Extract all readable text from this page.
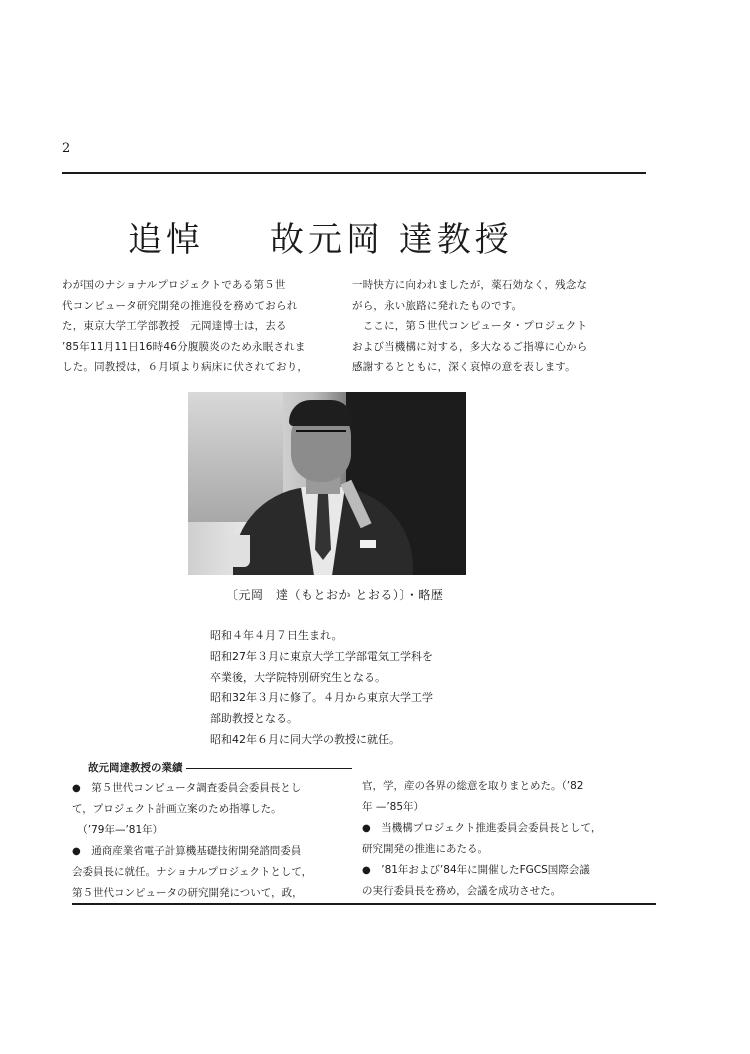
2
追悼 故元岡 達教授

わが国のナショナルプロジェクトである第５世

代コンピュータ研究開発の推進役を務めておられ

た，東京大学工学部教授　元岡達博士は，去る

’85年11月11日16時46分腹膜炎のため永眠されま

した。同教授は，６月頃より病床に伏されており，

一時快方に向われましたが，薬石効なく，残念な

がら，永い旅路に発れたものです。

　ここに，第５世代コンピュータ・プロジェクト

および当機構に対する，多大なるご指導に心から

感謝するとともに，深く哀悼の意を表します。

〔元岡　達（もとおか とおる）〕・略歴

昭和４年４月７日生まれ。

昭和27年３月に東京大学工学部電気工学科を

卒業後，大学院特別研究生となる。

昭和32年３月に修了。４月から東京大学工学

部助教授となる。

昭和42年６月に同大学の教授に就任。

故元岡達教授の業績

●　 第５世代コンピュータ調査委員会委員長とし

て，プロジェクト計画立案のため指導した。

　（’79年—’81年）

●　 通商産業省電子計算機基礎技術開発諮問委員

会委員長に就任。ナショナルプロジェクトとして，

第５世代コンピュータの研究開発について，政，

官，学，産の各界の総意を取りまとめた。（’82

年 —’85年）

●　 当機構プロジェクト推進委員会委員長として，

研究開発の推進にあたる。

●　 ’81年および’84年に開催したFGCS国際会議

の実行委員長を務め，会議を成功させた。
